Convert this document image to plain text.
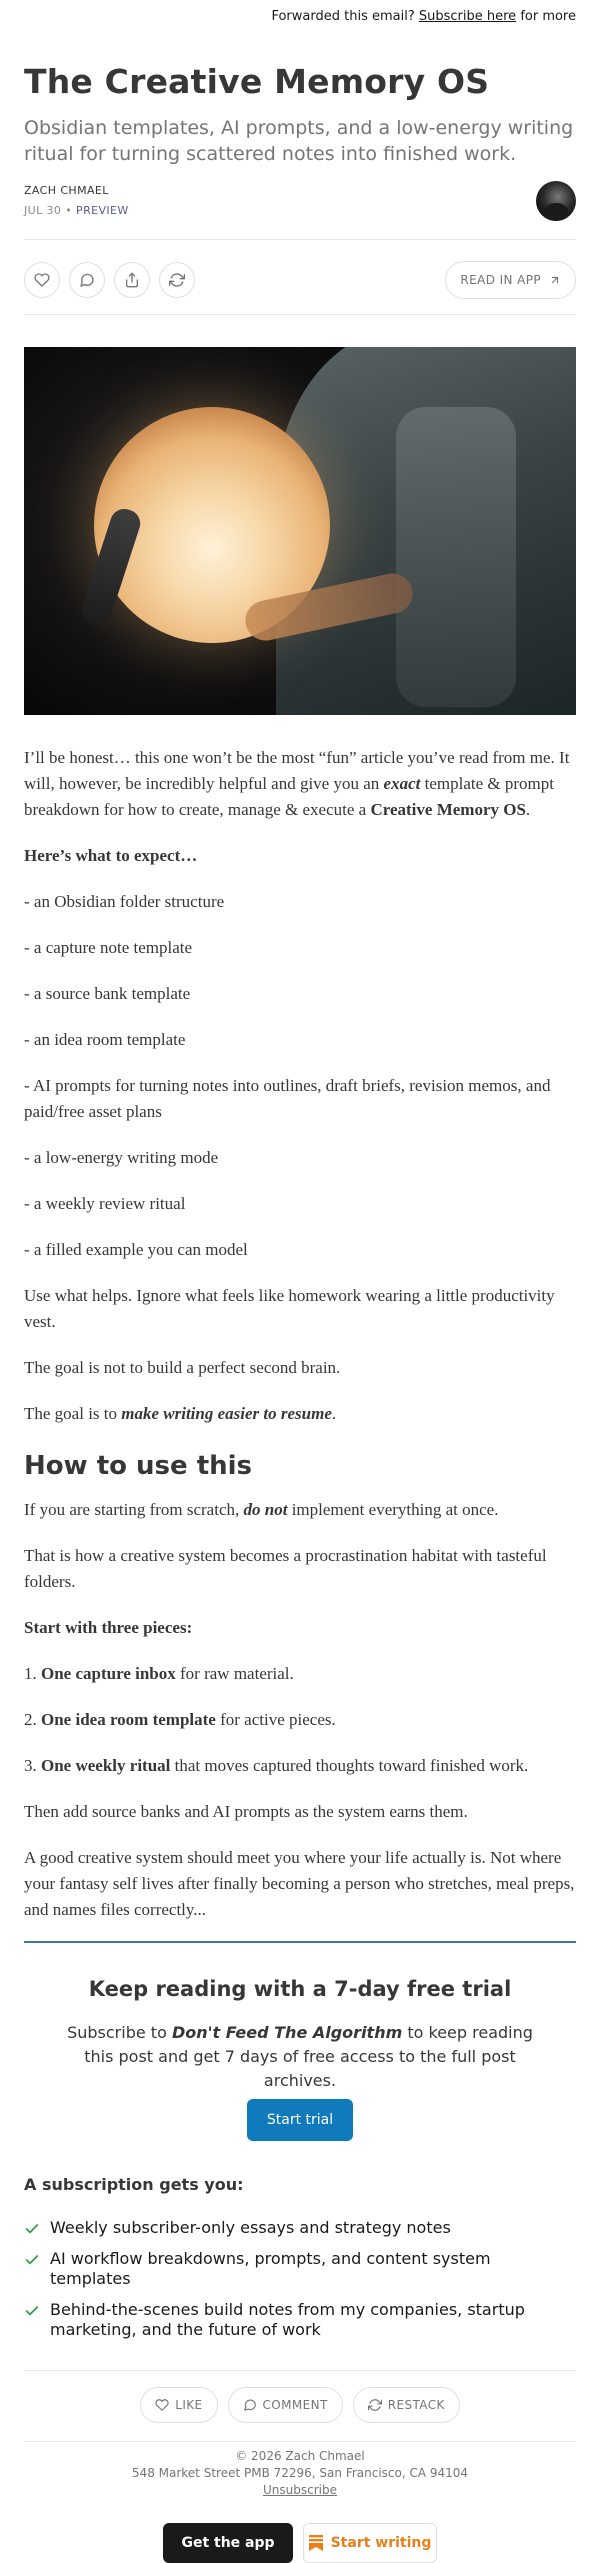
Forwarded this email? Subscribe here for more
The Creative Memory OS
Obsidian templates, AI prompts, and a low-energy writing ritual for turning scattered notes into finished work.
ZACH CHMAEL
JUL 30 • PREVIEW
READ IN APP

I’ll be honest… this one won’t be the most “fun” article you’ve read from me. It will, however, be incredibly helpful and give you an exact template & prompt breakdown for how to create, manage & execute a Creative Memory OS.

Here’s what to expect…

- an Obsidian folder structure

- a capture note template

- a source bank template

- an idea room template

- AI prompts for turning notes into outlines, draft briefs, revision memos, and paid/free asset plans

- a low-energy writing mode

- a weekly review ritual

- a filled example you can model

Use what helps. Ignore what feels like homework wearing a little productivity vest.

The goal is not to build a perfect second brain.

The goal is to make writing easier to resume.

How to use this

If you are starting from scratch, do not implement everything at once.

That is how a creative system becomes a procrastination habitat with tasteful folders.

Start with three pieces:

1. One capture inbox for raw material.

2. One idea room template for active pieces.

3. One weekly ritual that moves captured thoughts toward finished work.

Then add source banks and AI prompts as the system earns them.

A good creative system should meet you where your life actually is. Not where your fantasy self lives after finally becoming a person who stretches, meal preps, and names files correctly...

Keep reading with a 7-day free trial
Subscribe to Don't Feed The Algorithm to keep reading this post and get 7 days of free access to the full post archives.
Start trial
A subscription gets you:
Weekly subscriber-only essays and strategy notes
AI workflow breakdowns, prompts, and content system templates
Behind-the-scenes build notes from my companies, startup marketing, and the future of work
LIKE	COMMENT	RESTACK
© 2026 Zach Chmael
548 Market Street PMB 72296, San Francisco, CA 94104
Unsubscribe
Get the app	Start writing
